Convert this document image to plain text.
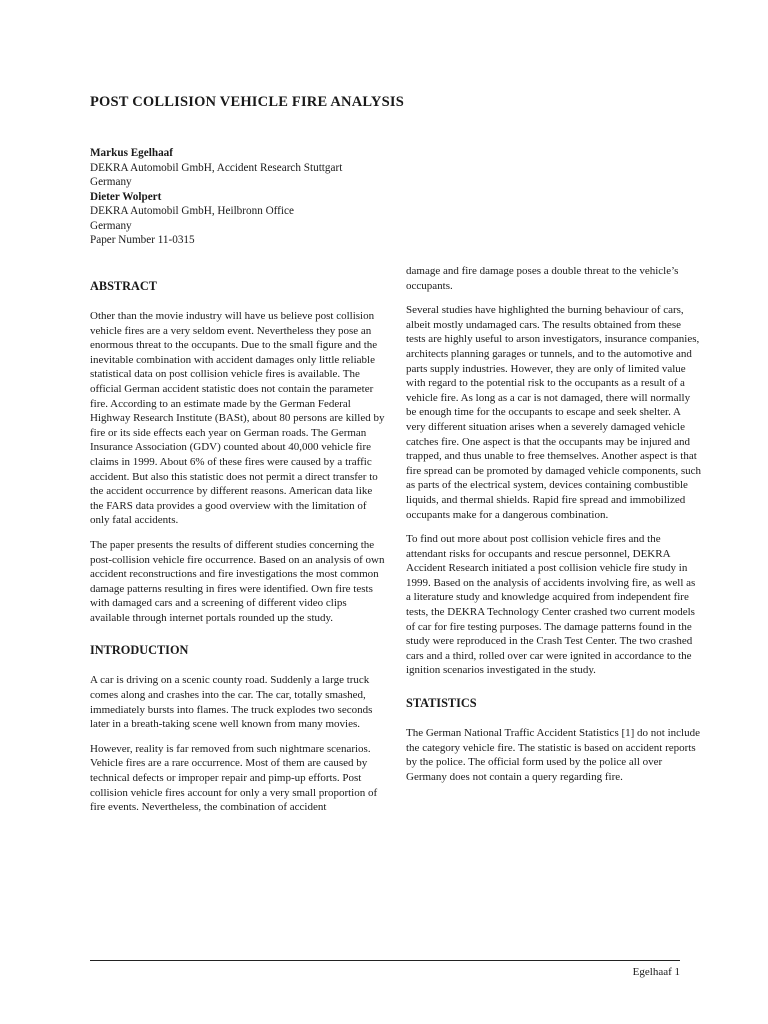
POST COLLISION VEHICLE FIRE ANALYSIS
Markus Egelhaaf
DEKRA Automobil GmbH, Accident Research Stuttgart
Germany
Dieter Wolpert
DEKRA Automobil GmbH, Heilbronn Office
Germany
Paper Number 11-0315
ABSTRACT

Other than the movie industry will have us believe post collision vehicle fires are a very seldom event. Nevertheless they pose an enormous threat to the occupants. Due to the small figure and the inevitable combination with accident damages only little reliable statistical data on post collision vehicle fires is available. The official German accident statistic does not contain the parameter fire. According to an estimate made by the German Federal Highway Research Institute (BASt), about 80 persons are killed by fire or its side effects each year on German roads. The German Insurance Association (GDV) counted about 40,000 vehicle fire claims in 1999. About 6% of these fires were caused by a traffic accident. But also this statistic does not permit a direct transfer to the accident occurrence by different reasons. American data like the FARS data provides a good overview with the limitation of only fatal accidents.

The paper presents the results of different studies concerning the post-collision vehicle fire occurrence. Based on an analysis of own accident reconstructions and fire investigations the most common damage patterns resulting in fires were identified. Own fire tests with damaged cars and a screening of different video clips available through internet portals rounded up the study.

INTRODUCTION

A car is driving on a scenic county road. Suddenly a large truck comes along and crashes into the car. The car, totally smashed, immediately bursts into flames. The truck explodes two seconds later in a breath-taking scene well known from many movies.

However, reality is far removed from such nightmare scenarios. Vehicle fires are a rare occurrence. Most of them are caused by technical defects or improper repair and pimp-up efforts. Post collision vehicle fires account for only a very small proportion of fire events. Nevertheless, the combination of accident

damage and fire damage poses a double threat to the vehicle’s occupants.

Several studies have highlighted the burning behaviour of cars, albeit mostly undamaged cars. The results obtained from these tests are highly useful to arson investigators, insurance companies, architects planning garages or tunnels, and to the automotive and parts supply industries. However, they are only of limited value with regard to the potential risk to the occupants as a result of a vehicle fire. As long as a car is not damaged, there will normally be enough time for the occupants to escape and seek shelter. A very different situation arises when a severely damaged vehicle catches fire. One aspect is that the occupants may be injured and trapped, and thus unable to free themselves. Another aspect is that fire spread can be promoted by damaged vehicle components, such as parts of the electrical system, devices containing combustible liquids, and thermal shields. Rapid fire spread and immobilized occupants make for a dangerous combination.

To find out more about post collision vehicle fires and the attendant risks for occupants and rescue personnel, DEKRA Accident Research initiated a post collision vehicle fire study in 1999. Based on the analysis of accidents involving fire, as well as a literature study and knowledge acquired from independent fire tests, the DEKRA Technology Center crashed two current models of car for fire testing purposes. The damage patterns found in the study were reproduced in the Crash Test Center. The two crashed cars and a third, rolled over car were ignited in accordance to the ignition scenarios investigated in the study.

STATISTICS

The German National Traffic Accident Statistics [1] do not include the category vehicle fire. The statistic is based on accident reports by the police. The official form used by the police all over Germany does not contain a query regarding fire.

Egelhaaf 1
